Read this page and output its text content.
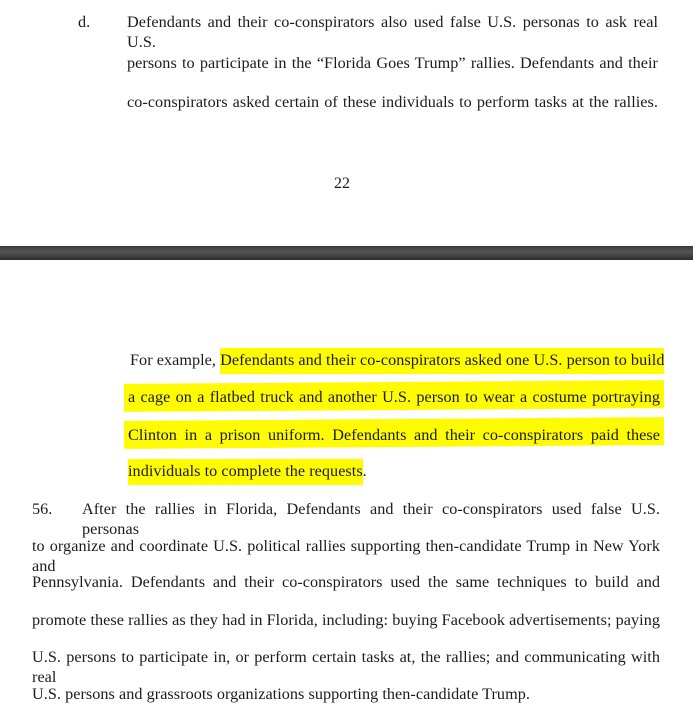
d. Defendants and their co-conspirators also used false U.S. personas to ask real U.S.
persons to participate in the “Florida Goes Trump” rallies. Defendants and their
co-conspirators asked certain of these individuals to perform tasks at the rallies.
22
For example, Defendants and their co-conspirators asked one U.S. person to build
a cage on a flatbed truck and another U.S. person to wear a costume portraying
Clinton in a prison uniform. Defendants and their co-conspirators paid these
individuals to complete the requests.
56. After the rallies in Florida, Defendants and their co-conspirators used false U.S. personas
to organize and coordinate U.S. political rallies supporting then-candidate Trump in New York and
Pennsylvania. Defendants and their co-conspirators used the same techniques to build and
promote these rallies as they had in Florida, including: buying Facebook advertisements; paying
U.S. persons to participate in, or perform certain tasks at, the rallies; and communicating with real
U.S. persons and grassroots organizations supporting then-candidate Trump.
